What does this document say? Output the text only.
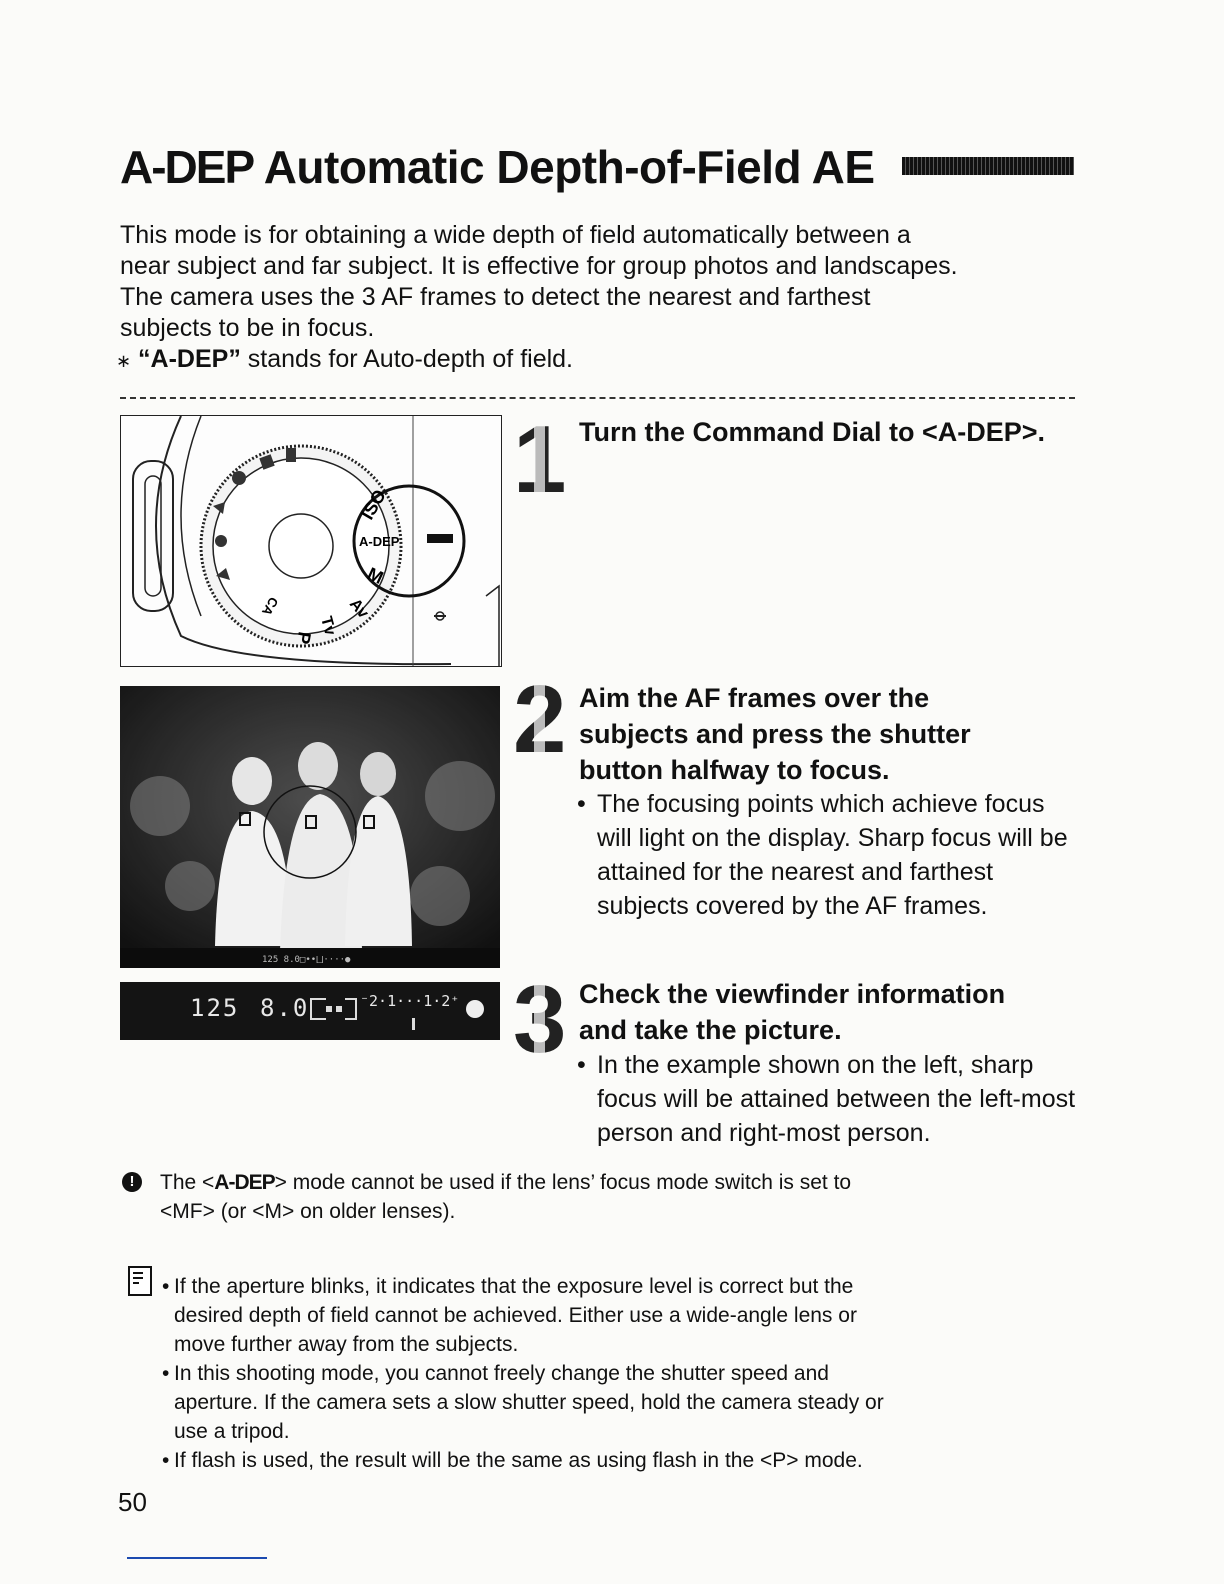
A-DEP Automatic Depth-of-Field AE

This mode is for obtaining a wide depth of field automatically between a

near subject and far subject. It is effective for group photos and landscapes.

The camera uses the 3 AF frames to detect the nearest and farthest

subjects to be in focus.

∗ “A-DEP” stands for Auto-depth of field.

ISO
A-DEP
M
Av
Tv
P
CA
1 Turn the Command Dial to <A-DEP>.
125 8.0□••⨆····●
2 Aim the AF frames over the
subjects and press the shutter
button halfway to focus.
• The focusing points which achieve focus will light on the display. Sharp focus will be attained for the nearest and farthest subjects covered by the AF frames.
125 8.0	⁻2·1···1·2⁺ 3 Check the viewfinder information
and take the picture.
• In the example shown on the left, sharp focus will be attained between the left-most person and right-most person.
!	The <A-DEP> mode cannot be used if the lens’ focus mode switch is set to
<MF> (or <M> on older lenses).
• If the aperture blinks, it indicates that the exposure level is correct but the
desired depth of field cannot be achieved. Either use a wide-angle lens or
move further away from the subjects.
• In this shooting mode, you cannot freely change the shutter speed and
aperture. If the camera sets a slow shutter speed, hold the camera steady or
use a tripod.
• If flash is used, the result will be the same as using flash in the <P> mode.
50
